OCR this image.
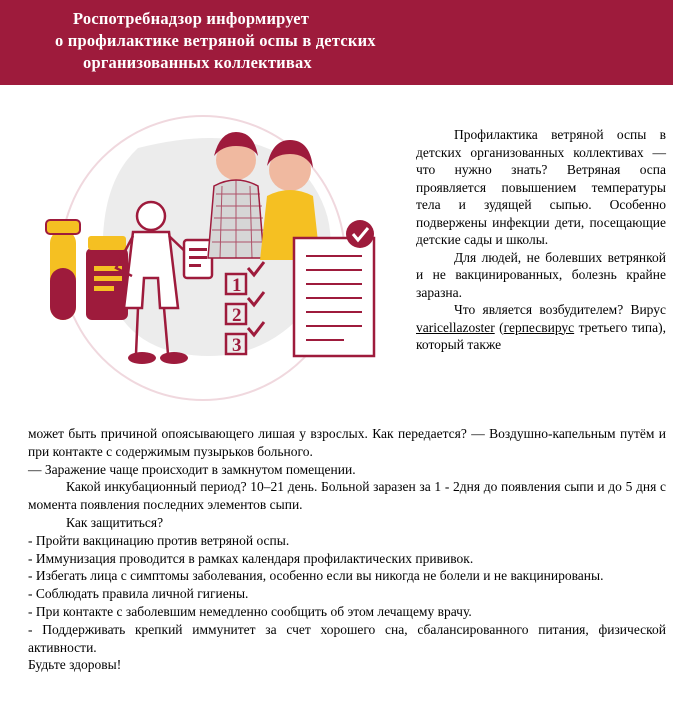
Роспотребнадзор информирует
о профилактике ветряной оспы в детских
организованных коллективах
1
2
3

Профилактика ветряной оспы в детских организованных коллективах — что нужно знать? Ветряная оспа проявляется повышением температуры тела и зудящей сыпью. Особенно подвержены инфекции дети, посещающие детские сады и школы.

Для людей, не болевших ветрянкой и не вакцинированных, болезнь крайне заразна.

Что является возбудителем? Вирус varicellazoster (герпесвирус третьего типа), который также

может быть причиной опоясывающего лишая у взрослых. Как передается? — Воздушно-капельным путём и при контакте с содержимым пузырьков больного.

— Заражение чаще происходит в замкнутом помещении.

Какой инкубационный период? 10–21 день. Больной заразен за 1 - 2дня до появления сыпи и до 5 дня с момента появления последних элементов сыпи.

Как защититься?

- Пройти вакцинацию против ветряной оспы.

- Иммунизация проводится в рамках календаря профилактических прививок.

- Избегать лица с симптомы заболевания, особенно если вы никогда не болели и не вакцинированы.

- Соблюдать правила личной гигиены.

- При контакте с заболевшим немедленно сообщить об этом лечащему врачу.

- Поддерживать крепкий иммунитет за счет хорошего сна, сбалансированного питания, физической активности.

Будьте здоровы!
